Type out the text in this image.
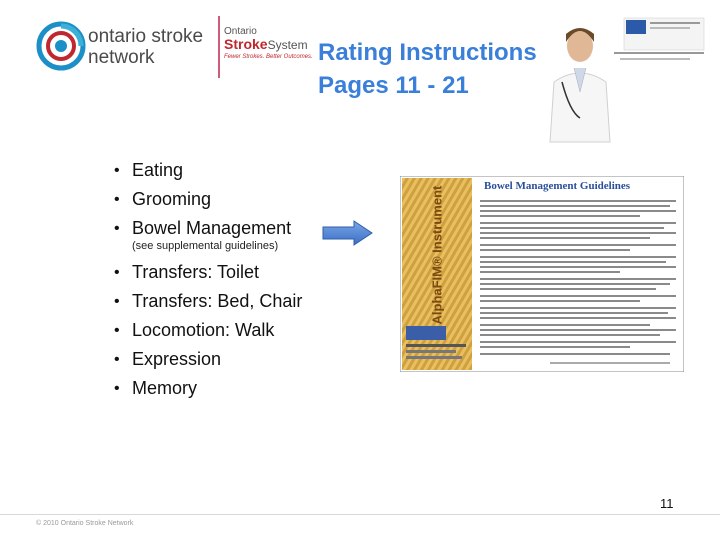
ontario stroke
network
Ontario
StrokeSystem
Fewer Strokes. Better Outcomes. Rating Instructions
Pages 11 - 21
• Eating
• Grooming
• Bowel Management
(see supplemental guidelines)
• Transfers: Toilet
• Transfers: Bed, Chair
• Locomotion: Walk
• Expression
• Memory
Bowel Management Guidelines
AlphaFIM® Instrument
11
© 2010 Ontario Stroke Network
